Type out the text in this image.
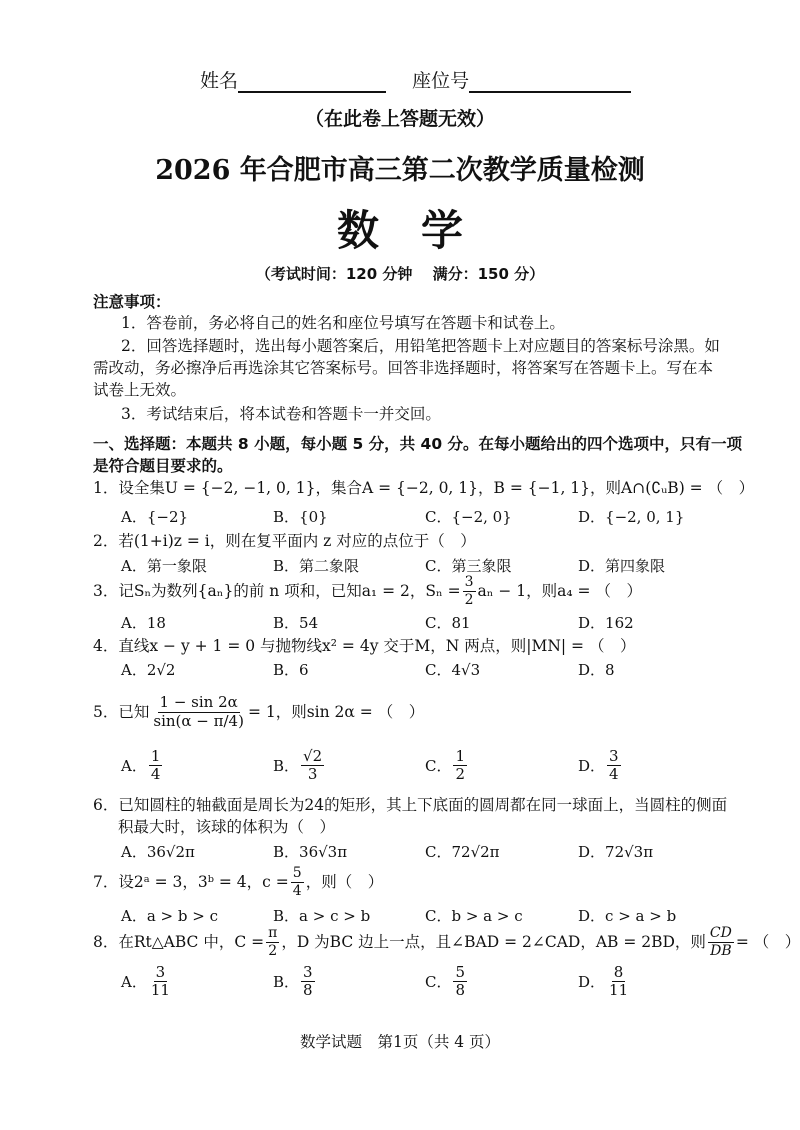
姓名	座位号
（在此卷上答题无效）
2026 年合肥市高三第二次教学质量检测
数　学
（考试时间：120 分钟　 满分：150 分）
注意事项：
1．答卷前，务必将自己的姓名和座位号填写在答题卡和试卷上。
2．回答选择题时，选出每小题答案后，用铅笔把答题卡上对应题目的答案标号涂黑。如
需改动，务必擦净后再选涂其它答案标号。回答非选择题时，将答案写在答题卡上。写在本
试卷上无效。
3．考试结束后，将本试卷和答题卡一并交回。
一、选择题：本题共 8 小题，每小题 5 分，共 40 分。在每小题给出的四个选项中，只有一项
是符合题目要求的。
1．设全集U = {−2, −1, 0, 1}，集合A = {−2, 0, 1}，B = {−1, 1}，则A∩(∁ᵤB) = （　）
A．{−2}	B．{0}	C．{−2, 0}	D．{−2, 0, 1}
2．若(1+i)z = i，则在复平面内 z 对应的点位于（　）
A．第一象限	B．第二象限	C．第三象限	D．第四象限
3．记Sₙ为数列{aₙ}的前 n 项和，已知a₁ = 2，$S_n = \frac{3}{2}$ aₙ − 1，则a₄ = （　）
A．18	B．54	C．81	D．162
4．直线x − y + 1 = 0 与抛物线x² = 4y 交于M，N 两点，则|MN| = （　）
A．2√2	B．6	C．4√3	D．8
5．已知 $\frac{1 - \sin 2\alpha}{\sin(\alpha - \pi/4)} = 1$，则sin 2α = （　）
A． $\frac{1}{4}$	B． $\frac{√2}{3}$	C． $\frac{1}{2}$	D． $\frac{3}{4}$
6．已知圆柱的轴截面是周长为24的矩形，其上下底面的圆周都在同一球面上，当圆柱的侧面
积最大时，该球的体积为（　）
A．36√2π	B．36√3π	C．72√2π	D．72√3π
7．设2ᵃ = 3，3ᵇ = 4，$c = \frac{5}{4}$ ，则（　）
A．a > b > c	B．a > c > b	C．b > a > c	D．c > a > b
8．在Rt△ABC 中，$C = \frac{\pi}{2}$ ，D 为BC 边上一点，且∠BAD = 2∠CAD，AB = 2BD，则 $\frac{CD}{DB}$ = （　）
A． $\frac{3}{11}$	B． $\frac{3}{8}$	C． $\frac{5}{8}$	D． $\frac{8}{11}$
数学试题　第1页（共 4 页）
